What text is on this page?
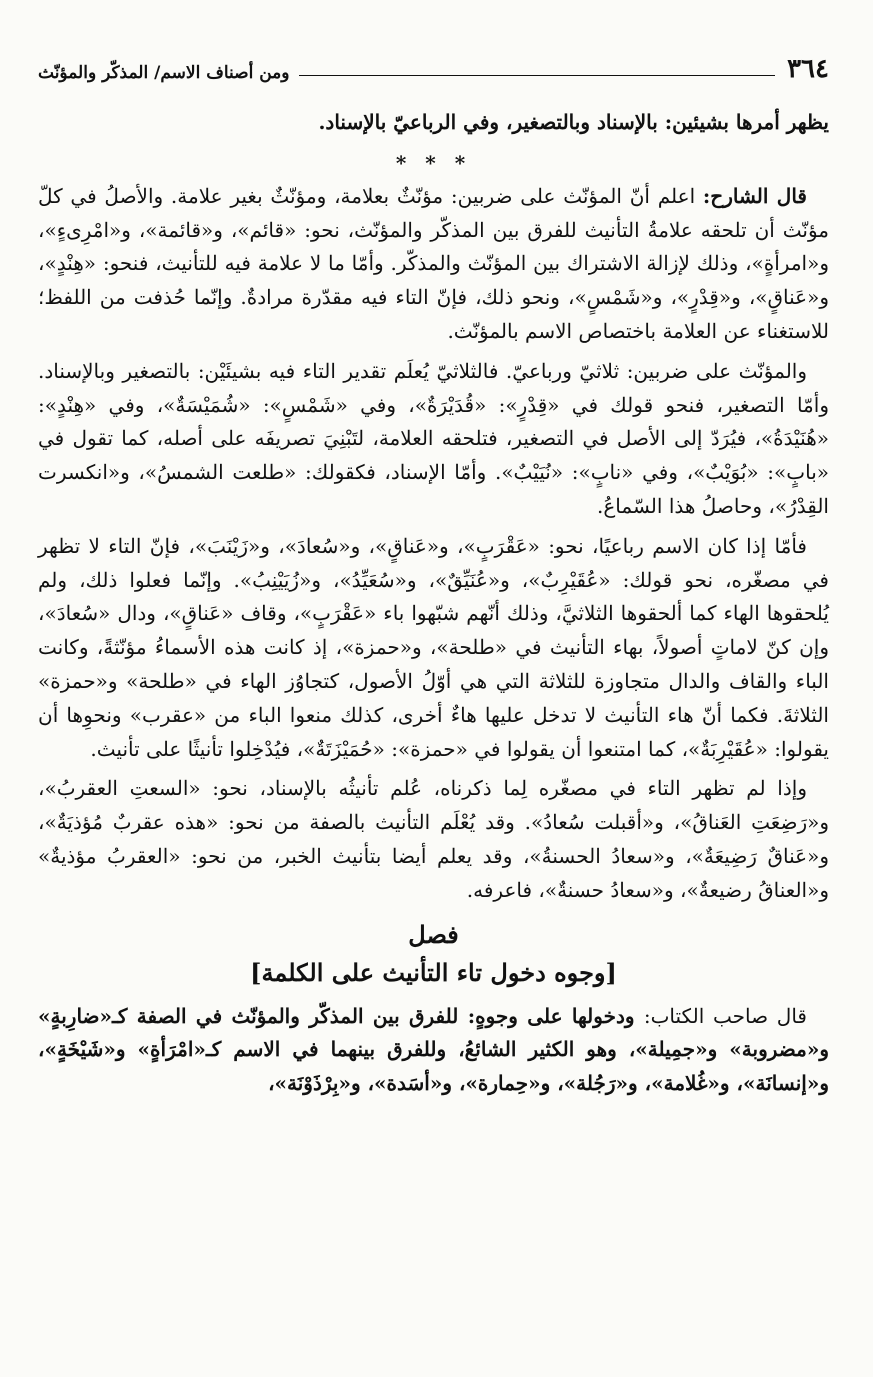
٣٦٤
ومن أصناف الاسم/ المذكّر والمؤنّث

يظهر أمرها بشيئين: بالإسناد وبالتصغير، وفي الرباعيّ بالإسناد.

* * *

قال الشارح: اعلم أنّ المؤنّث على ضربين: مؤنّثٌ بعلامة، ومؤنّثٌ بغير علامة. والأصلُ في كلّ مؤنّث أن تلحقه علامةُ التأنيث للفرق بين المذكّر والمؤنّث، نحو: «قائم»، و«قائمة»، و«امْرِىءٍ»، و«امرأةٍ»، وذلك لإزالة الاشتراك بين المؤنّث والمذكّر. وأمّا ما لا علامة فيه للتأنيث، فنحو: «هِنْدٍ»، و«عَناقٍ»، و«قِدْرٍ»، و«شَمْسٍ»، ونحو ذلك، فإنّ التاء فيه مقدّرة مرادةٌ. وإنّما حُذفت من اللفظ؛ للاستغناء عن العلامة باختصاص الاسم بالمؤنّث.

والمؤنّث على ضربين: ثلاثيّ ورباعيّ. فالثلاثيّ يُعلَم تقدير التاء فيه بشيئَيْن: بالتصغير وبالإسناد. وأمّا التصغير، فنحو قولك في «قِدْرٍ»: «قُدَيْرَةٌ»، وفي «شَمْسٍ»: «شُمَيْسَةٌ»، وفي «هِنْدٍ»: «هُنَيْدَةُ»، فيُرَدّ إلى الأصل في التصغير، فتلحقه العلامة، لتَبْنِيَ تصريفَه على أصله، كما تقول في «بابٍ»: «بُوَيْبٌ»، وفي «نابٍ»: «نُيَيْبٌ». وأمّا الإسناد، فكقولك: «طلعت الشمسُ»، و«انكسرت القِدْرُ»، وحاصلُ هذا السّماعُ.

فأمّا إذا كان الاسم رباعيًا، نحو: «عَقْرَبٍ»، و«عَناقٍ»، و«سُعادَ»، و«زَيْنَبَ»، فإنّ التاء لا تظهر في مصغّره، نحو قولك: «عُقَيْرِبٌ»، و«عُنَيِّقٌ»، و«سُعَيِّدُ»، و«زُيَيْنِبُ». وإنّما فعلوا ذلك، ولم يُلحقوها الهاء كما ألحقوها الثلاثيَّ، وذلك أنّهم شبّهوا باء «عَقْرَبٍ»، وقاف «عَناقٍ»، ودال «سُعادَ»، وإن كنّ لاماتٍ أصولاً، بهاء التأنيث في «طلحة»، و«حمزة»، إذ كانت هذه الأسماءُ مؤنّثةً، وكانت الباء والقاف والدال متجاوزة للثلاثة التي هي أوّلُ الأصول، كتجاوُز الهاء في «طلحة» و«حمزة» الثلاثةَ. فكما أنّ هاء التأنيث لا تدخل عليها هاءٌ أخرى، كذلك منعوا الباء من «عقرب» ونحوِها أن يقولوا: «عُقَيْرِبَةٌ»، كما امتنعوا أن يقولوا في «حمزة»: «حُمَيْزَتَةٌ»، فيُدْخِلوا تأنيثًا على تأنيث.

وإذا لم تظهر التاء في مصغّره لِما ذكرناه، عُلم تأنيثُه بالإسناد، نحو: «السعتِ العقربُ»، و«رَضِعَتِ العَناقُ»، و«أقبلت سُعادُ». وقد يُعْلَم التأنيث بالصفة من نحو: «هذه عقربٌ مُؤذيَةٌ»، و«عَناقٌ رَضِيعَةٌ»، و«سعادُ الحسنةُ»، وقد يعلم أيضا بتأنيث الخبر، من نحو: «العقربُ مؤذيةٌ» و«العناقُ رضيعةٌ»، و«سعادُ حسنةٌ»، فاعرفه.

فصل
[وجوه دخول تاء التأنيث على الكلمة]

قال صاحب الكتاب: ودخولها على وجوهٍ: للفرق بين المذكّر والمؤنّث في الصفة كـ«ضارِبةٍ» و«مضروبة» و«جمِيلة»، وهو الكثير الشائعُ، وللفرق بينهما في الاسم كـ«امْرَأةٍ» و«شَيْخَةٍ»، و«إنسانَة»، و«غُلامة»، و«رَجُلة»، و«حِمارة»، و«أسَدة»، و«بِرْذَوْنَة»،
